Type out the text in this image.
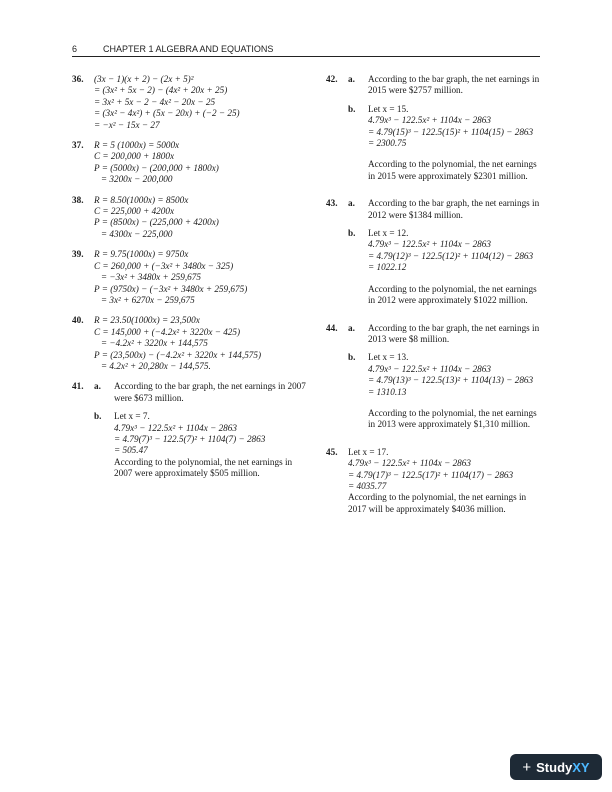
6	CHAPTER 1 ALGEBRA AND EQUATIONS
36.	(3x − 1)(x + 2) − (2x + 5)²
= (3x² + 5x − 2) − (4x² + 20x + 25)
= 3x² + 5x − 2 − 4x² − 20x − 25
= (3x² − 4x²) + (5x − 20x) + (−2 − 25)
= −x² − 15x − 27
37.	R = 5 (1000x) = 5000x
C = 200,000 + 1800x
P = (5000x) − (200,000 + 1800x)
= 3200x − 200,000
38.	R = 8.50(1000x) = 8500x
C = 225,000 + 4200x
P = (8500x) − (225,000 + 4200x)
= 4300x − 225,000
39.	R = 9.75(1000x) = 9750x
C = 260,000 + (−3x² + 3480x − 325)
= −3x² + 3480x + 259,675
P = (9750x) − (−3x² + 3480x + 259,675)
= 3x² + 6270x − 259,675
40.	R = 23.50(1000x) = 23,500x
C = 145,000 + (−4.2x² + 3220x − 425)
= −4.2x² + 3220x + 144,575
P = (23,500x) − (−4.2x² + 3220x + 144,575)
= 4.2x² + 20,280x − 144,575.
41.	a.	According to the bar graph, the net earnings in 2007 were $673 million.
b.	Let x = 7.
4.79x³ − 122.5x² + 1104x − 2863
= 4.79(7)³ − 122.5(7)² + 1104(7) − 2863
= 505.47
According to the polynomial, the net earnings in 2007 were approximately $505 million.
42.	a.	According to the bar graph, the net earnings in 2015 were $2757 million.
b.	Let x = 15.
4.79x³ − 122.5x² + 1104x − 2863
= 4.79(15)³ − 122.5(15)² + 1104(15) − 2863
= 2300.75
According to the polynomial, the net earnings in 2015 were approximately $2301 million.
43.	a.	According to the bar graph, the net earnings in 2012 were $1384 million.
b.	Let x = 12.
4.79x³ − 122.5x² + 1104x − 2863
= 4.79(12)³ − 122.5(12)² + 1104(12) − 2863
= 1022.12
According to the polynomial, the net earnings in 2012 were approximately $1022 million.
44.	a.	According to the bar graph, the net earnings in 2013 were $8 million.
b.	Let x = 13.
4.79x³ − 122.5x² + 1104x − 2863
= 4.79(13)³ − 122.5(13)² + 1104(13) − 2863
= 1310.13
According to the polynomial, the net earnings in 2013 were approximately $1,310 million.
45.	Let x = 17.
4.79x³ − 122.5x² + 1104x − 2863
= 4.79(17)³ − 122.5(17)² + 1104(17) − 2863
= 4035.77
According to the polynomial, the net earnings in 2017 will be approximately $4036 million.
+ StudyXY
